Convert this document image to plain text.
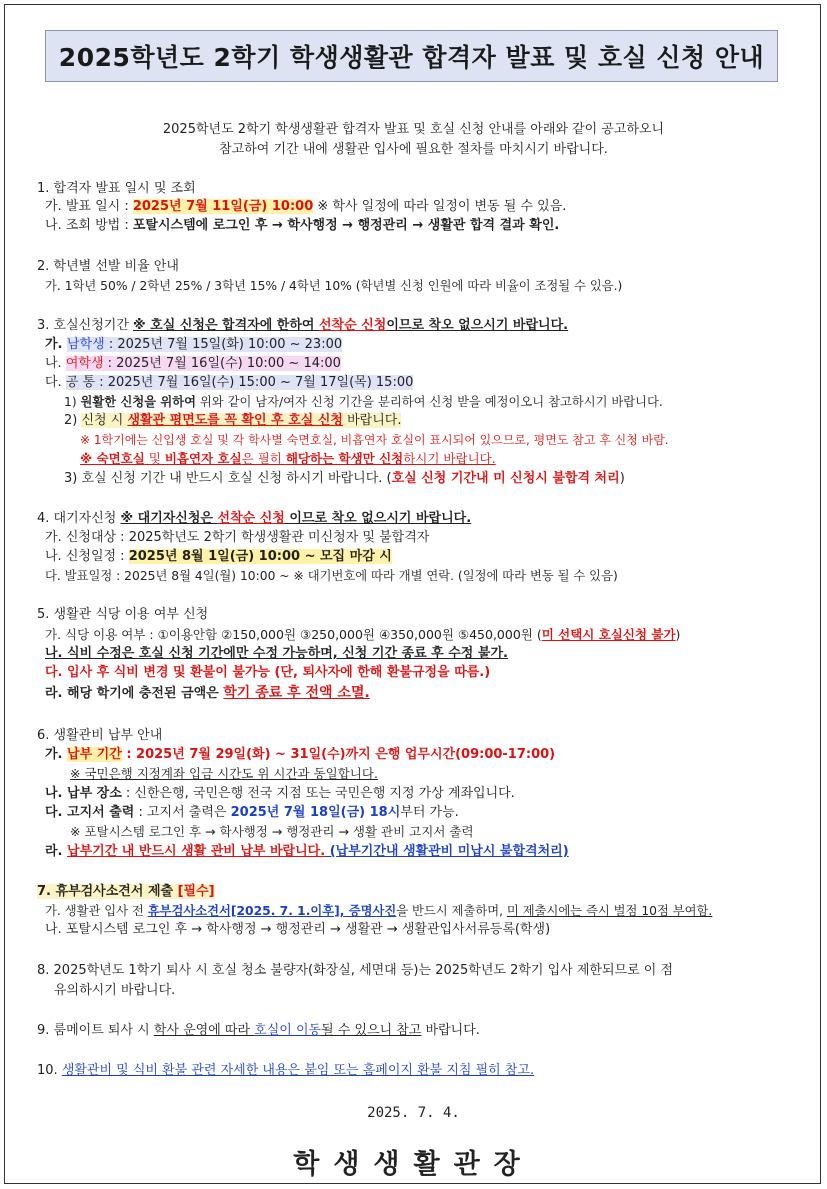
2025학년도 2학기 학생생활관 합격자 발표 및 호실 신청 안내
2025학년도 2학기 학생생활관 합격자 발표 및 호실 신청 안내를 아래와 같이 공고하오니
참고하여 기간 내에 생활관 입사에 필요한 절차를 마치시기 바랍니다.
1. 합격자 발표 일시 및 조회
가. 발표 일시 : 2025년 7월 11일(금) 10:00 ※ 학사 일정에 따라 일정이 변동 될 수 있음.
나. 조회 방법 : 포탈시스템에 로그인 후 → 학사행정 → 행정관리 → 생활관 합격 결과 확인.
2. 학년별 선발 비율 안내
가. 1학년 50% / 2학년 25% / 3학년 15% / 4학년 10% (학년별 신청 인원에 따라 비율이 조정될 수 있음.)
3. 호실신청기간 ※ 호실 신청은 합격자에 한하여 선착순 신청이므로 착오 없으시기 바랍니다.
가. 남학생 : 2025년 7월 15일(화) 10:00 ~ 23:00
나. 여학생 : 2025년 7월 16일(수) 10:00 ~ 14:00
다. 공 통 : 2025년 7월 16일(수) 15:00 ~ 7월 17일(목) 15:00
1) 원활한 신청을 위하여 위와 같이 남자/여자 신청 기간을 분리하여 신청 받을 예정이오니 참고하시기 바랍니다.
2) 신청 시 생활관 평면도를 꼭 확인 후 호실 신청 바랍니다.
※ 1학기에는 신입생 호실 및 각 학사별 숙면호실, 비흡연자 호실이 표시되어 있으므로, 평면도 참고 후 신청 바람.
※ 숙면호실 및 비흡연자 호실은 필히 해당하는 학생만 신청하시기 바랍니다.
3) 호실 신청 기간 내 반드시 호실 신청 하시기 바랍니다. (호실 신청 기간내 미 신청시 불합격 처리)
4. 대기자신청 ※ 대기자신청은 선착순 신청 이므로 착오 없으시기 바랍니다.
가. 신청대상 : 2025학년도 2학기 학생생활관 미신청자 및 불합격자
나. 신청일정 : 2025년 8월 1일(금) 10:00 ~ 모집 마감 시
다. 발표일정 : 2025년 8월 4일(월) 10:00 ~ ※ 대기번호에 따라 개별 연락. (일정에 따라 변동 될 수 있음)
5. 생활관 식당 이용 여부 신청
가. 식당 이용 여부 : ①이용안함 ②150,000원 ③250,000원 ④350,000원 ⑤450,000원 (미 선택시 호실신청 불가)
나. 식비 수정은 호실 신청 기간에만 수정 가능하며, 신청 기간 종료 후 수정 불가.
다. 입사 후 식비 변경 및 환불이 불가능 (단, 퇴사자에 한해 환불규정을 따름.)
라. 해당 학기에 충전된 금액은 학기 종료 후 전액 소멸.
6. 생활관비 납부 안내
가. 납부 기간 : 2025년 7월 29일(화) ~ 31일(수)까지 은행 업무시간(09:00-17:00)
※ 국민은행 지정계좌 입금 시간도 위 시간과 동일합니다.
나. 납부 장소 : 신한은행, 국민은행 전국 지점 또는 국민은행 지정 가상 계좌입니다.
다. 고지서 출력 : 고지서 출력은 2025년 7월 18일(금) 18시부터 가능.
※ 포탈시스템 로그인 후 → 학사행정 → 행정관리 → 생활 관비 고지서 출력
라. 납부기간 내 반드시 생활 관비 납부 바랍니다. (납부기간내 생활관비 미납시 불합격처리)
7. 휴부검사소견서 제출 [필수]
가. 생활관 입사 전 휴부검사소견서[2025. 7. 1.이후], 증명사진을 반드시 제출하며, 미 제출시에는 즉시 벌점 10점 부여함.
나. 포탈시스템 로그인 후 → 학사행정 → 행정관리 → 생활관 → 생활관입사서류등록(학생)
8. 2025학년도 1학기 퇴사 시 호실 청소 불량자(화장실, 세면대 등)는 2025학년도 2학기 입사 제한되므로 이 점
유의하시기 바랍니다.
9. 룸메이트 퇴사 시 학사 운영에 따라 호실이 이동될 수 있으니 참고 바랍니다.
10. 생활관비 및 식비 환불 관련 자세한 내용은 붙임 또는 홈페이지 환불 지침 필히 참고.
2025. 7. 4.
학생생활관장
